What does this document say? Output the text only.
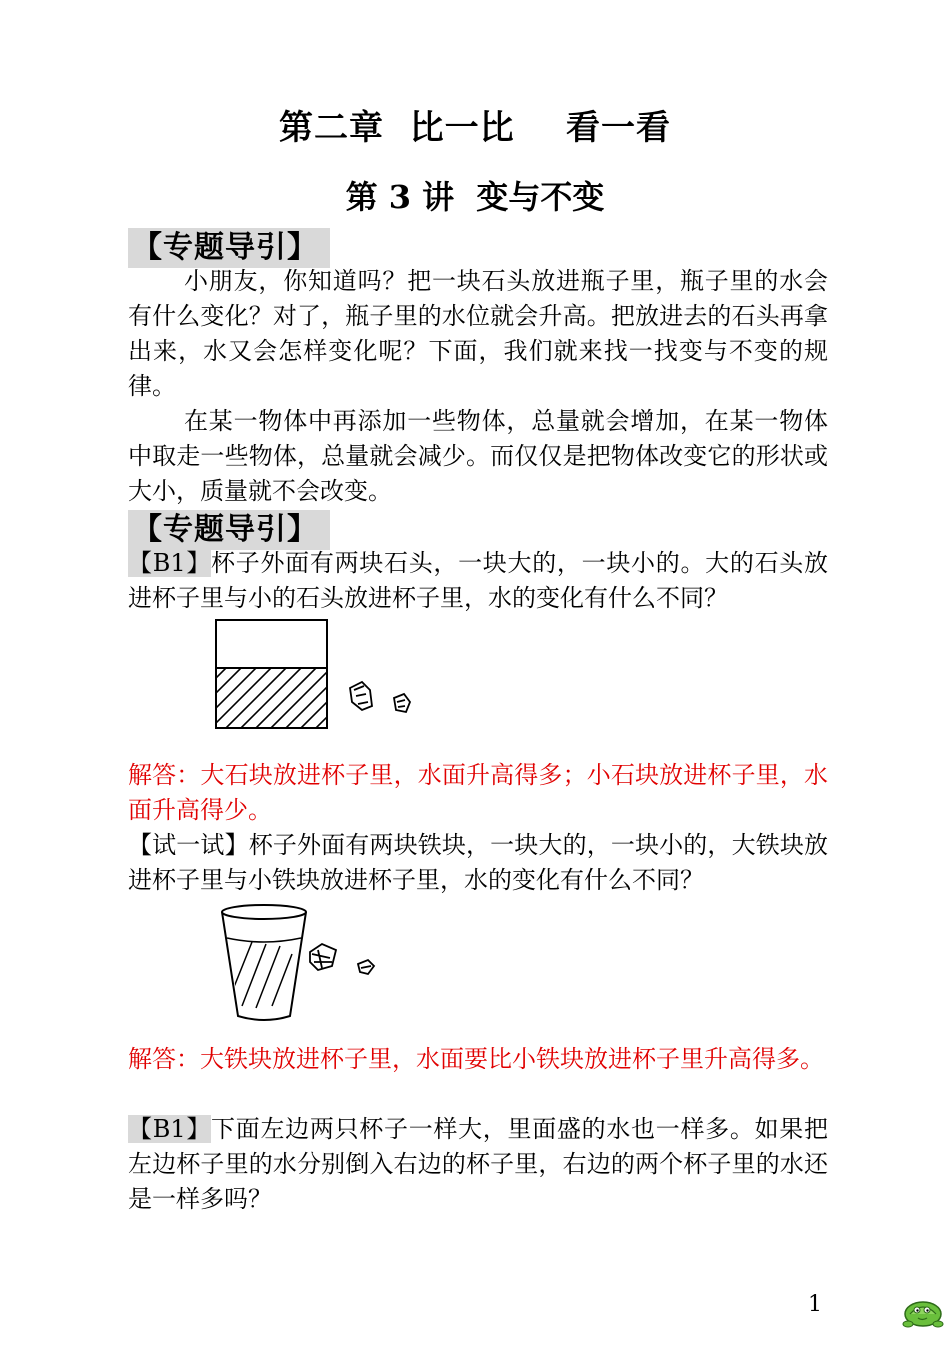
第二章  比一比    看一看
第 3 讲  变与不变
【专题导引】

小朋友，你知道吗？把一块石头放进瓶子里，瓶子里的水会有什么变化？对了，瓶子里的水位就会升高。把放进去的石头再拿出来，水又会怎样变化呢？下面，我们就来找一找变与不变的规律。

在某一物体中再添加一些物体，总量就会增加，在某一物体中取走一些物体，总量就会减少。而仅仅是把物体改变它的形状或大小，质量就不会改变。

【专题导引】

【B1】杯子外面有两块石头，一块大的，一块小的。大的石头放进杯子里与小的石头放进杯子里，水的变化有什么不同？

解答：大石块放进杯子里，水面升高得多；小石块放进杯子里，水面升高得少。

【试一试】杯子外面有两块铁块，一块大的，一块小的，大铁块放进杯子里与小铁块放进杯子里，水的变化有什么不同？

解答：大铁块放进杯子里，水面要比小铁块放进杯子里升高得多。

【B1】下面左边两只杯子一样大，里面盛的水也一样多。如果把左边杯子里的水分别倒入右边的杯子里，右边的两个杯子里的水还是一样多吗？

1
